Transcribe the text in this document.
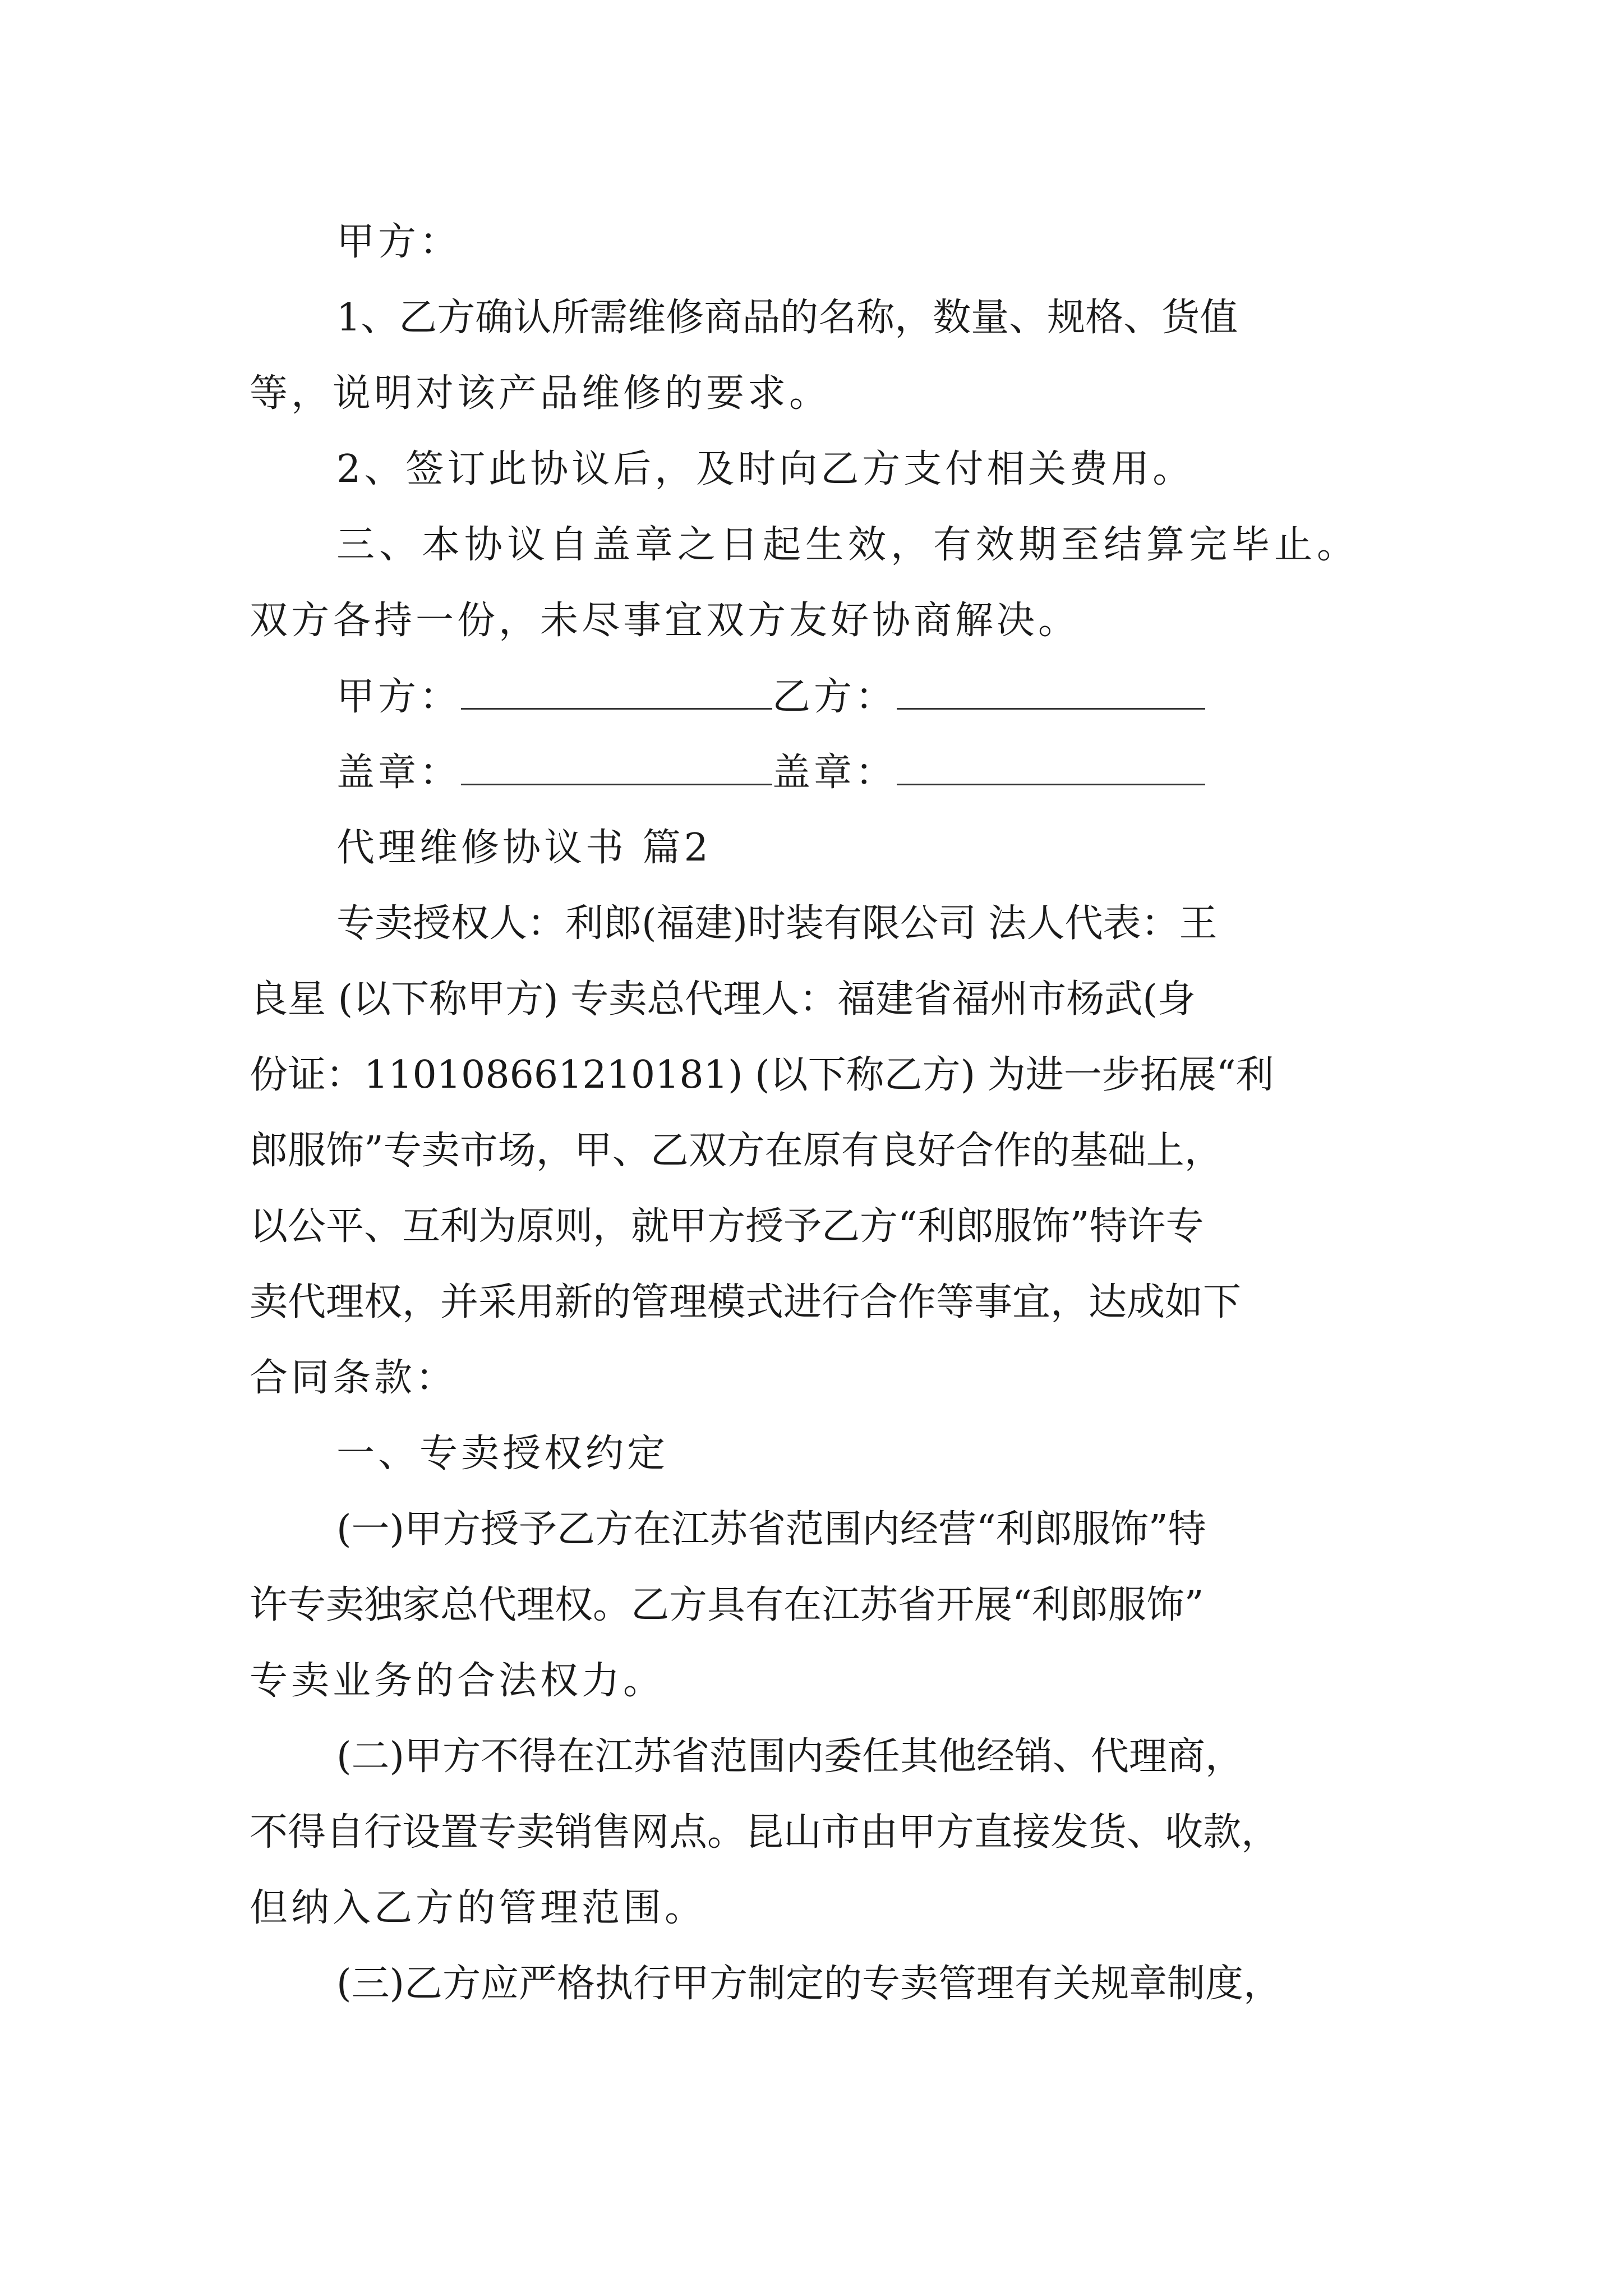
甲方：
1、乙方确认所需维修商品的名称，数量、规格、货值
等，说明对该产品维修的要求。
2、签订此协议后，及时向乙方支付相关费用。
三、本协议自盖章之日起生效，有效期至结算完毕止。
双方各持一份，未尽事宜双方友好协商解决。
甲方：	乙方：
盖章：	盖章：
代理维修协议书 篇2
专卖授权人：利郎(福建)时装有限公司 法人代表：王
良星 (以下称甲方) 专卖总代理人：福建省福州市杨武(身
份证：110108661210181) (以下称乙方) 为进一步拓展“利
郎服饰”专卖市场，甲、乙双方在原有良好合作的基础上，
以公平、互利为原则，就甲方授予乙方“利郎服饰”特许专
卖代理权，并采用新的管理模式进行合作等事宜，达成如下
合同条款：
一、专卖授权约定
(一)甲方授予乙方在江苏省范围内经营“利郎服饰”特
许专卖独家总代理权。乙方具有在江苏省开展“利郎服饰”
专卖业务的合法权力。
(二)甲方不得在江苏省范围内委任其他经销、代理商，
不得自行设置专卖销售网点。昆山市由甲方直接发货、收款，
但纳入乙方的管理范围。
(三)乙方应严格执行甲方制定的专卖管理有关规章制度，
